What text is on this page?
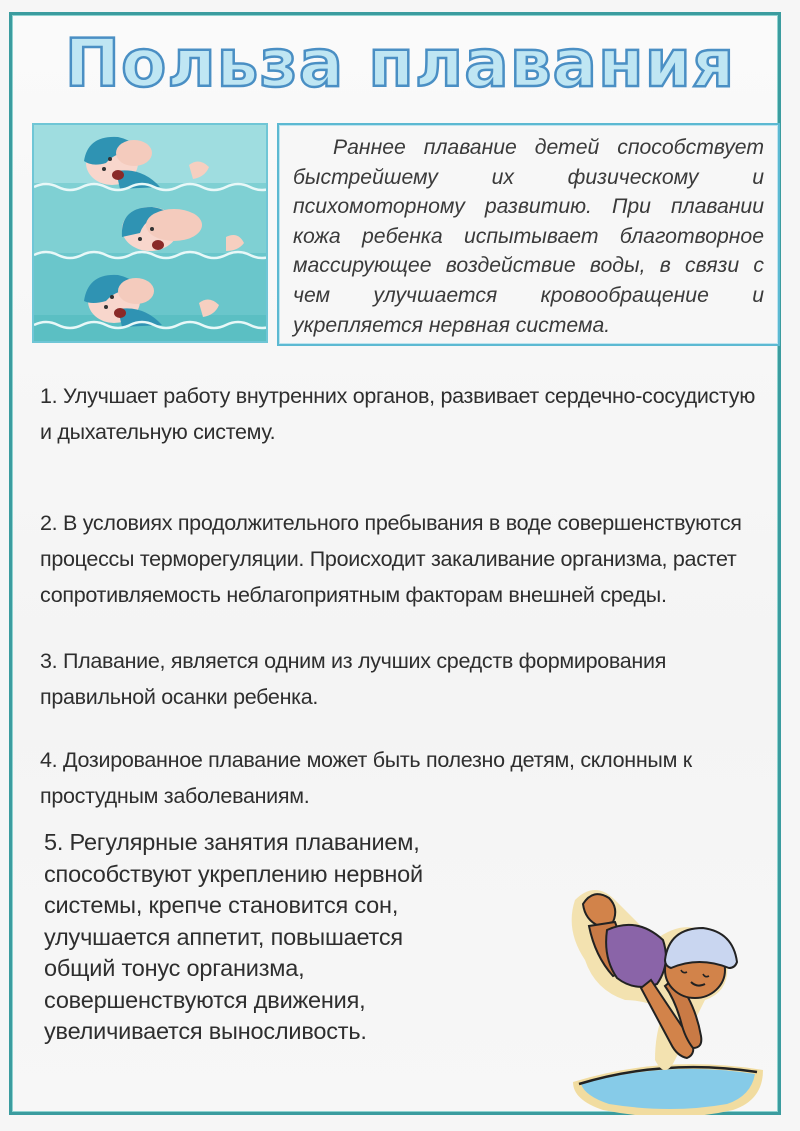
Польза плавания

Раннее плавание детей способствует быстрейшему их физическому и психомоторному развитию. При плавании кожа ребенка испытывает благотворное массирующее воздействие воды, в связи с чем улучшается кровообращение и укрепляется нервная система.

1. Улучшает работу внутренних органов, развивает сердечно-сосудистую и дыхательную систему.

2. В условиях продолжительного пребывания в воде совершенствуются процессы терморегуляции. Происходит закаливание организма, растет сопротивляемость неблагоприятным факторам внешней среды.

3. Плавание, является одним из лучших средств формирования правильной осанки ребенка.

4. Дозированное плавание может быть полезно детям, склонным к простудным заболеваниям.

5. Регулярные занятия плаванием, способствуют укреплению нервной системы, крепче становится сон, улучшается аппетит, повышается общий тонус организма, совершенствуются движения, увеличивается выносливость.
